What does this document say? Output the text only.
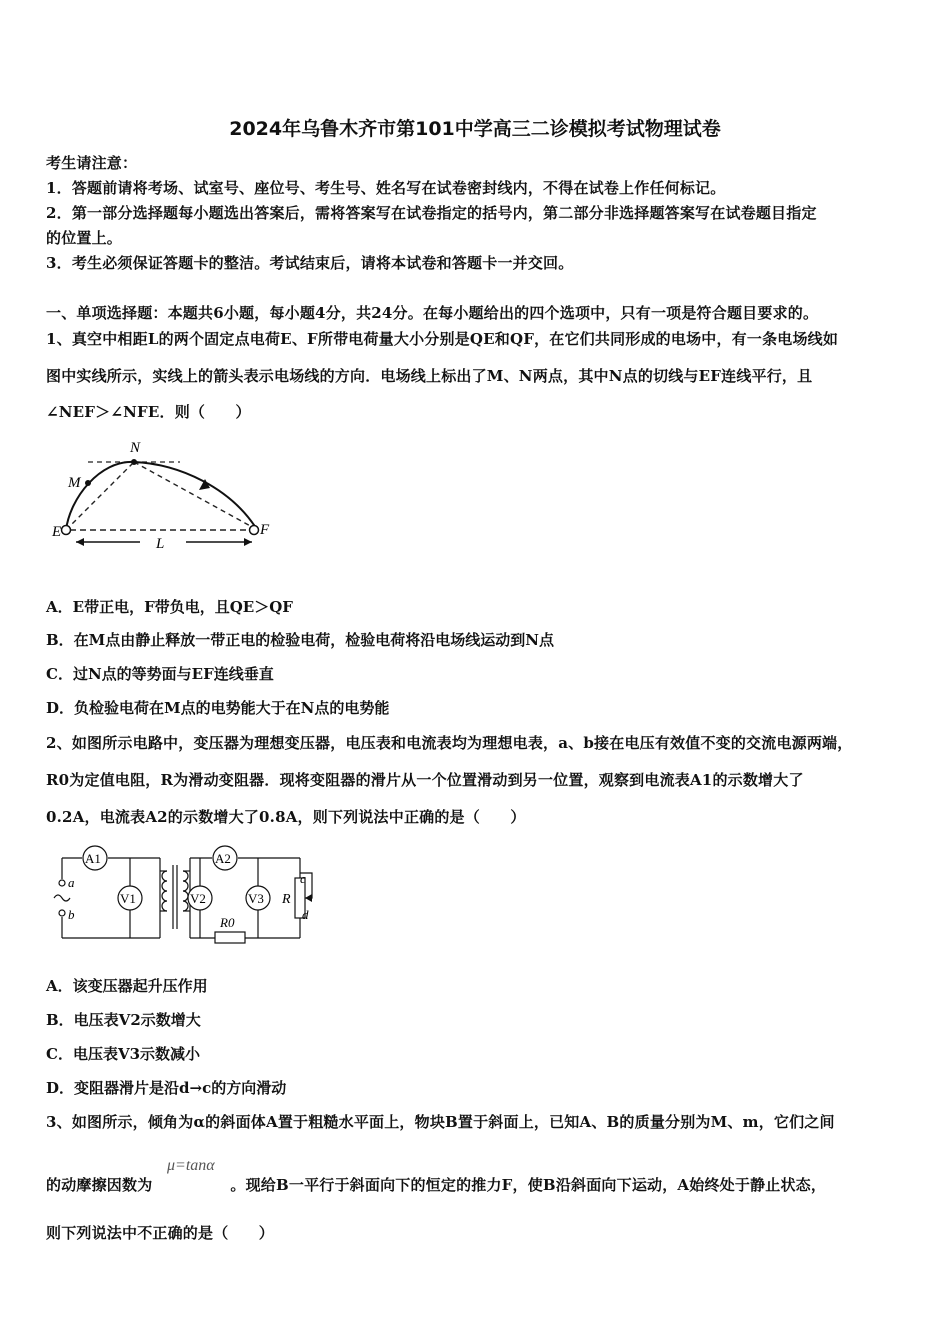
2024年乌鲁木齐市第101中学高三二诊模拟考试物理试卷
考生请注意：
1．答题前请将考场、试室号、座位号、考生号、姓名写在试卷密封线内，不得在试卷上作任何标记。
2．第一部分选择题每小题选出答案后，需将答案写在试卷指定的括号内，第二部分非选择题答案写在试卷题目指定
的位置上。
3．考生必须保证答题卡的整洁。考试结束后，请将本试卷和答题卡一并交回。
一、单项选择题：本题共6小题，每小题4分，共24分。在每小题给出的四个选项中，只有一项是符合题目要求的。
1、真空中相距L的两个固定点电荷E、F所带电荷量大小分别是QE和QF，在它们共同形成的电场中，有一条电场线如
图中实线所示，实线上的箭头表示电场线的方向．电场线上标出了M、N两点，其中N点的切线与EF连线平行，且
∠NEF＞∠NFE．则（　　）
N
M
E	F
L
A．E带正电，F带负电，且QE＞QF
B．在M点由静止释放一带正电的检验电荷，检验电荷将沿电场线运动到N点
C．过N点的等势面与EF连线垂直
D．负检验电荷在M点的电势能大于在N点的电势能
2、如图所示电路中，变压器为理想变压器，电压表和电流表均为理想电表，a、b接在电压有效值不变的交流电源两端，
R0为定值电阻，R为滑动变阻器．现将变阻器的滑片从一个位置滑动到另一位置，观察到电流表A1的示数增大了
0.2A，电流表A2的示数增大了0.8A，则下列说法中正确的是（　　）
A1	A2
V1	V2	V3
R0
R
a
b
c
d
A．该变压器起升压作用
B．电压表V2示数增大
C．电压表V3示数减小
D．变阻器滑片是沿d→c的方向滑动
3、如图所示，倾角为α的斜面体A置于粗糙水平面上，物块B置于斜面上，已知A、B的质量分别为M、m，它们之间
的动摩擦因数为	。现给B一平行于斜面向下的恒定的推力F，使B沿斜面向下运动，A始终处于静止状态，
μ=tanα
则下列说法中不正确的是（　　）
